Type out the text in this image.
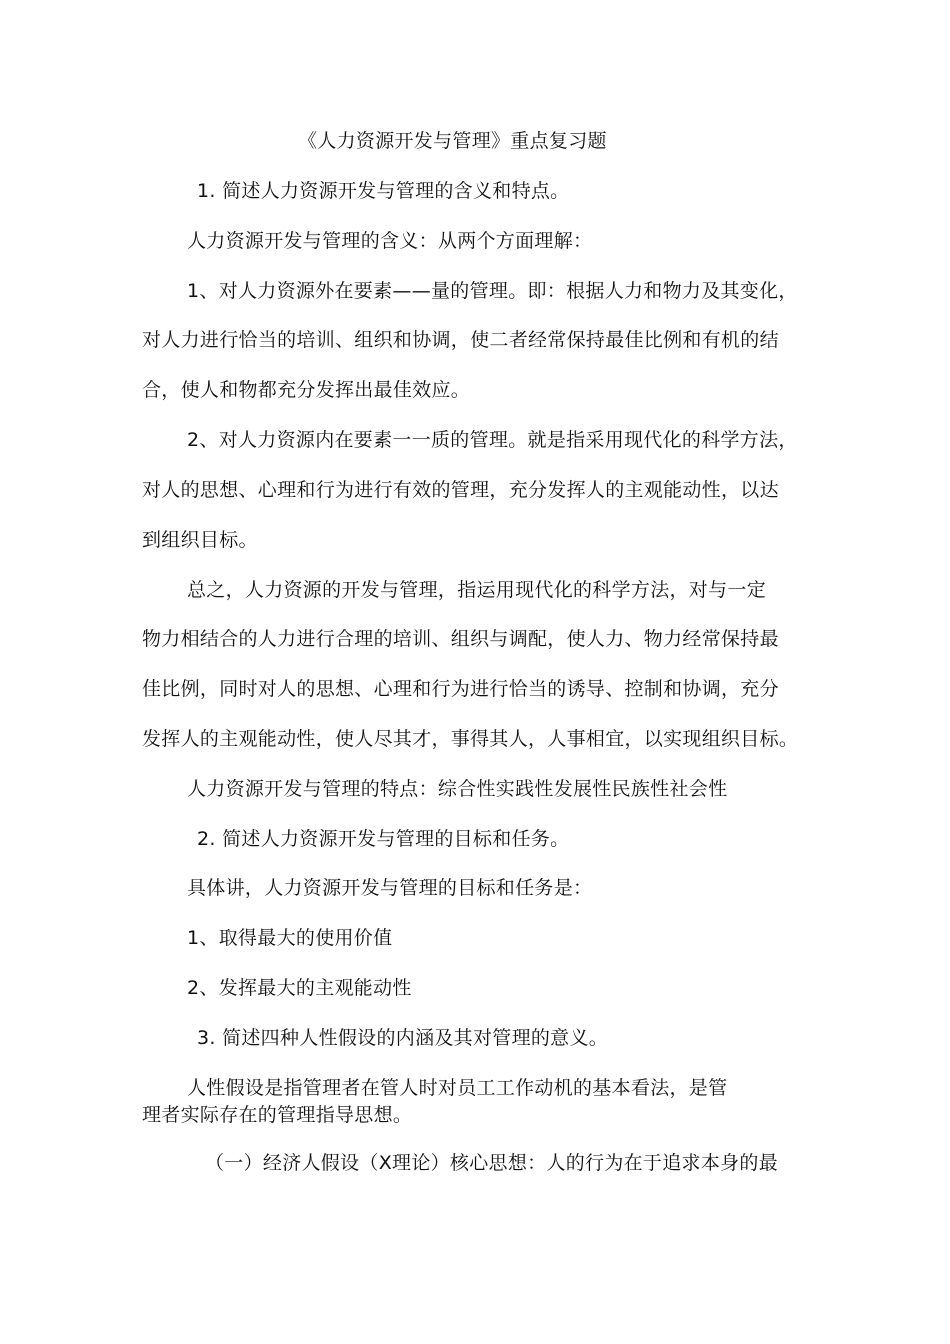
《人力资源开发与管理》重点复习题
1. 简述人力资源开发与管理的含义和特点。
人力资源开发与管理的含义：从两个方面理解：
1、对人力资源外在要素——量的管理。即：根据人力和物力及其变化，
对人力进行恰当的培训、组织和协调，使二者经常保持最佳比例和有机的结
合，使人和物都充分发挥出最佳效应。
2、对人力资源内在要素一一质的管理。就是指采用现代化的科学方法，
对人的思想、心理和行为进行有效的管理，充分发挥人的主观能动性，以达
到组织目标。
总之，人力资源的开发与管理，指运用现代化的科学方法，对与一定
物力相结合的人力进行合理的培训、组织与调配，使人力、物力经常保持最
佳比例，同时对人的思想、心理和行为进行恰当的诱导、控制和协调，充分
发挥人的主观能动性，使人尽其才，事得其人，人事相宜，以实现组织目标。
人力资源开发与管理的特点：综合性实践性发展性民族性社会性
2. 简述人力资源开发与管理的目标和任务。
具体讲，人力资源开发与管理的目标和任务是：
1、取得最大的使用价值
2、发挥最大的主观能动性
3. 简述四种人性假设的内涵及其对管理的意义。
人性假设是指管理者在管人时对员工工作动机的基本看法，是管
理者实际存在的管理指导思想。
（一）经济人假设（X理论）核心思想：人的行为在于追求本身的最
